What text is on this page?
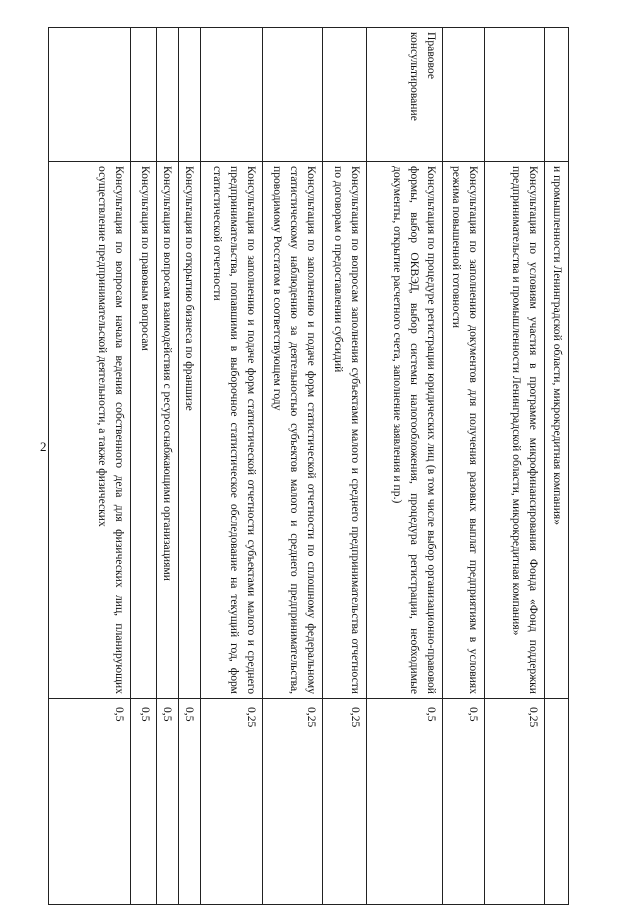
2
		и промышленности Ленинградской области, микрокредитная компания»	
	Консультация по условиям участия в программе микрофинансирования Фонда «Фонд поддержки предпринимательства и промышленности Ленинградской области, микрокредитная компания»	0,25
	Консультация по заполнению документов для получения разовых выплат предприятиям в условиях режима повышенной готовности	0,5
Правовое консультирование	Консультация по процедуре регистрации юридических лиц (в том числе выбор организационно-правовой формы, выбор ОКВЭД, выбор системы налогообложения, процедура регистрации, необходимые документы, открытие расчетного счета, заполнение заявления и пр.)	0,5
	Консультация по вопросам заполнения субъектами малого и среднего предпринимательства отчетности по договорам о предоставлении субсидий	0,25
	Консультация по заполнению и подаче форм статистической отчетности по сплошному федеральному статистическому наблюдению за деятельностью субъектов малого и среднего предпринимательства, проводимому Росстатом в соответствующем году	0,25
	Консультация по заполнению и подаче форм статистической отчетности субъектами малого и среднего предпринимательства, попавшими в выборочное статистическое обследование на текущий год, форм статистической отчетности	0,25
	Консультация по открытию бизнеса по франшизе	0,5
	Консультация по вопросам взаимодействия с ресурсоснабжающими организациями	0,5
	Консультация по правовым вопросам	0,5
	Консультация по вопросам начала ведения собственного дела для физических лиц, планирующих осуществление предпринимательской деятельности, а также физических	0,5
